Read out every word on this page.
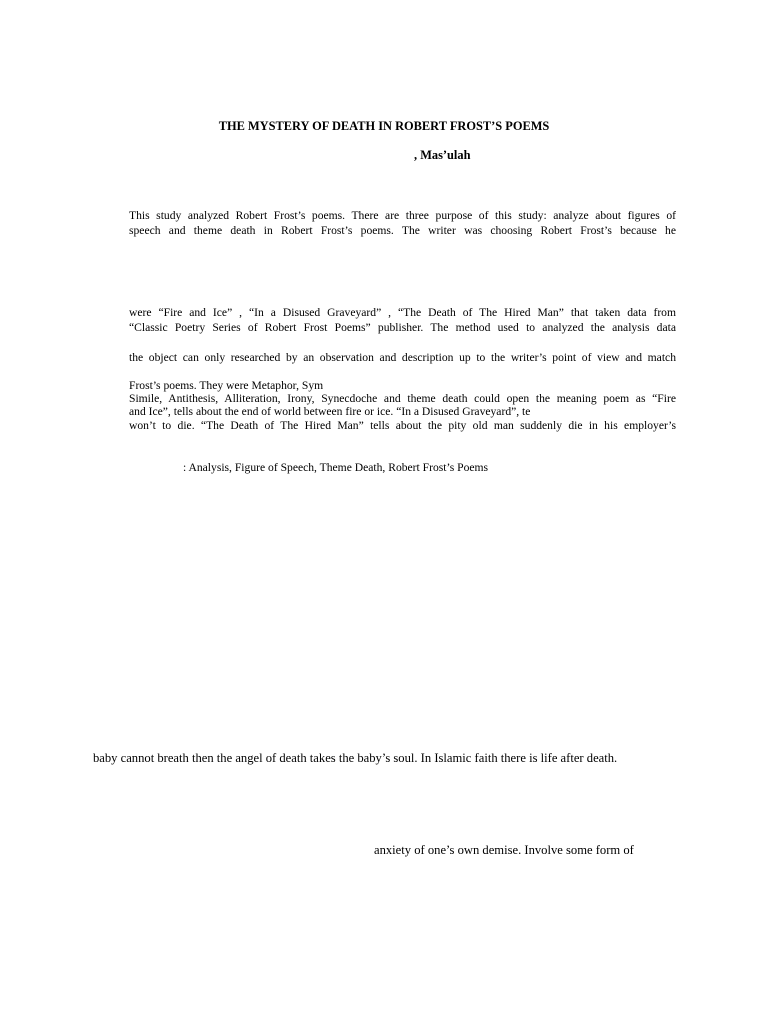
THE MYSTERY OF DEATH IN ROBERT FROST’S POEMS
, Mas’ulah
This study analyzed Robert Frost’s poems. There are three purpose of this study: analyze about figures of
speech and theme death in Robert Frost’s poems. The writer was choosing Robert Frost’s because he
were “Fire and Ice” , “In a Disused Graveyard” , “The Death of The Hired Man” that taken data from
“Classic Poetry Series of Robert Frost Poems” publisher. The method used to analyzed the analysis data
the object can only researched by an observation and description up to the writer’s point of view and match
Frost’s poems. They were Metaphor, Sym
Simile, Antithesis, Alliteration, Irony, Synecdoche and theme death could open the meaning poem as “Fire
and Ice”, tells about the end of world between fire or ice. “In a Disused Graveyard”, te
won’t to die. “The Death of The Hired Man” tells about the pity old man suddenly die in his employer’s
: Analysis, Figure of Speech, Theme Death, Robert Frost’s Poems
baby cannot breath then the angel of death takes the baby’s soul. In Islamic faith there is life after death.
anxiety of one’s own demise. Involve some form of
